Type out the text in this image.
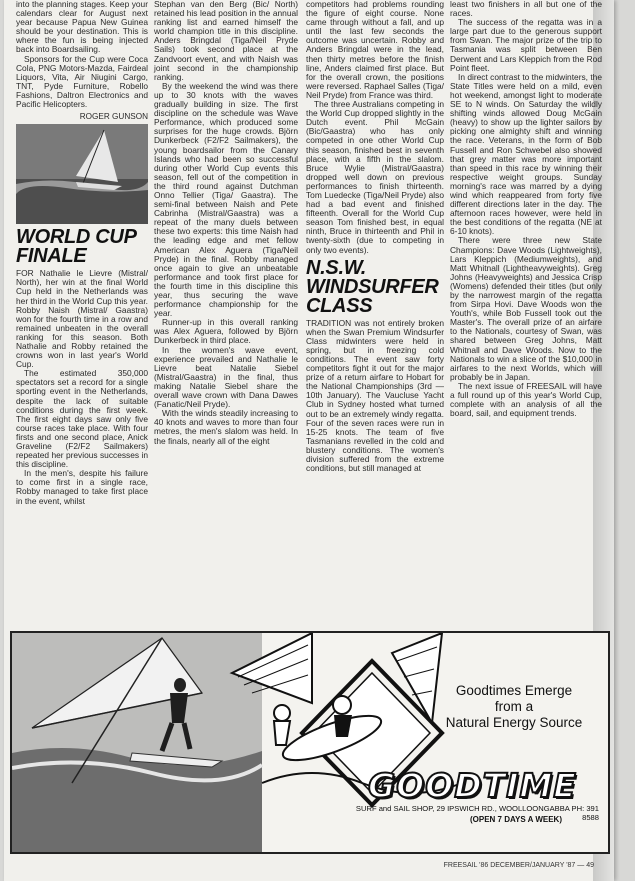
into the planning stages. Keep your calendars clear for August next year because Papua New Guinea should be your destination. This is where the fun is being injected back into Boardsailing.

Sponsors for the Cup were Coca Cola, PNG Motors-Mazda, Fairdeal Liquors, Vita, Air Niugini Cargo, TNT, Pyde Furniture, Robello Fashions, Daltron Electronics and Pacific Helicopters.

ROGER GUNSON
WORLD CUP FINALE

FOR Nathalie le Lievre (Mistral/ North), her win at the final World Cup held in the Netherlands was her third in the World Cup this year. Robby Naish (Mistral/ Gaastra) won for the fourth time in a row and remained unbeaten in the overall ranking for this season. Both Nathalie and Robby retained the crowns won in last year's World Cup.

The estimated 350,000 spectators set a record for a single sporting event in the Netherlands, despite the lack of suitable conditions during the first week. The first eight days saw only five course races take place. With four firsts and one second place, Anick Graveline (F2/F2 Sailmakers) repeated her previous successes in this discipline.

In the men's, despite his failure to come first in a single race, Robby managed to take first place in the event, whilst

Stephan van den Berg (Bic/ North) retained his lead position in the annual ranking list and earned himself the world champion title in this discipline. Anders Bringdal (Tiga/Neil Pryde Sails) took second place at the Zandvoort event, and with Naish was joint second in the championship ranking.

By the weekend the wind was there up to 30 knots with the waves gradually building in size. The first discipline on the schedule was Wave Performance, which produced some surprises for the huge crowds. Björn Dunkerbeck (F2/F2 Sailmakers), the young boardsailor from the Canary Islands who had been so successful during other World Cup events this season, fell out of the competition in the third round against Dutchman Onno Tellier (Tiga/ Gaastra). The semi-final between Naish and Pete Cabrinha (Mistral/Gaastra) was a repeat of the many duels between these two experts: this time Naish had the leading edge and met fellow American Alex Aguera (Tiga/Neil Pryde) in the final. Robby managed once again to give an unbeatable performance and took first place for the fourth time in this discipline this year, thus securing the wave performance championship for the year.

Runner-up in this overall ranking was Alex Aguera, followed by Björn Dunkerbeck in third place.

In the women's wave event, experience prevailed and Nathalie le Lievre beat Natalie Siebel (Mistral/Gaastra) in the final, thus making Natalie Siebel share the overall wave crown with Dana Dawes (Fanatic/Neil Pryde).

With the winds steadily increasing to 40 knots and waves to more than four metres, the men's slalom was held. In the finals, nearly all of the eight

competitors had problems rounding the figure of eight course. None came through without a fall, and up until the last few seconds the outcome was uncertain. Robby and Anders Bringdal were in the lead, then thirty metres before the finish line, Anders claimed first place. But for the overall crown, the positions were reversed. Raphael Salles (Tiga/ Neil Pryde) from France was third.

The three Australians competing in the World Cup dropped slightly in the Dutch event. Phil McGain (Bic/Gaastra) who has only competed in one other World Cup this season, finished best in seventh place, with a fifth in the slalom. Bruce Wylie (Mistral/Gaastra) dropped well down on previous performances to finish thirteenth. Tom Luedecke (Tiga/Neil Pryde) also had a bad event and finished fifteenth. Overall for the World Cup season Tom finished best, in equal ninth, Bruce in thirteenth and Phil in twenty-sixth (due to competing in only two events).

N.S.W. WINDSURFER CLASS

TRADITION was not entirely broken when the Swan Premium Windsurfer Class midwinters were held in spring, but in freezing cold conditions. The event saw forty competitors fight it out for the major prize of a return airfare to Hobart for the National Championships (3rd — 10th January). The Vaucluse Yacht Club in Sydney hosted what turned out to be an extremely windy regatta. Four of the seven races were run in 15-25 knots. The team of five Tasmanians revelled in the cold and blustery conditions. The women's division suffered from the extreme conditions, but still managed at

least two finishers in all but one of the races.

The success of the regatta was in a large part due to the generous support from Swan. The major prize of the trip to Tasmania was split between Ben Derwent and Lars Kleppich from the Rod Point fleet.

In direct contrast to the midwinters, the State Titles were held on a mild, even hot weekend, amongst light to moderate SE to N winds. On Saturday the wildly shifting winds allowed Doug McGain (heavy) to show up the lighter sailors by picking one almighty shift and winning the race. Veterans, in the form of Bob Fussell and Ron Schwebel also showed that grey matter was more important than speed in this race by winning their respective weight groups. Sunday morning's race was marred by a dying wind which reappeared from forty five different directions later in the day. The afternoon races however, were held in the best conditions of the regatta (NE at 6-10 knots).

There were three new State Champions: Dave Woods (Lightweights), Lars Kleppich (Mediumweights), and Matt Whitnall (Lightheavyweights). Greg Johns (Heavyweights) and Jessica Crisp (Womens) defended their titles (but only by the narrowest margin of the regatta from Sirpa Hovi. Dave Woods won the Youth's, while Bob Fussell took out the Master's. The overall prize of an airfare to the Nationals, courtesy of Swan, was shared between Greg Johns, Matt Whitnall and Dave Woods. Now to the Nationals to win a slice of the $10,000 in airfares to the next Worlds, which will probably be in Japan.

The next issue of FREESAIL will have a full round up of this year's World Cup, complete with an analysis of all the board, sail, and equipment trends.

Goodtimes Emerge
from a
Natural Energy Source
GOODTIME
SURF and SAIL SHOP, 29 IPSWICH RD., WOOLLOONGABBA PH: 391 8588
(OPEN 7 DAYS A WEEK)
FREESAIL '86 DECEMBER/JANUARY '87 — 49
